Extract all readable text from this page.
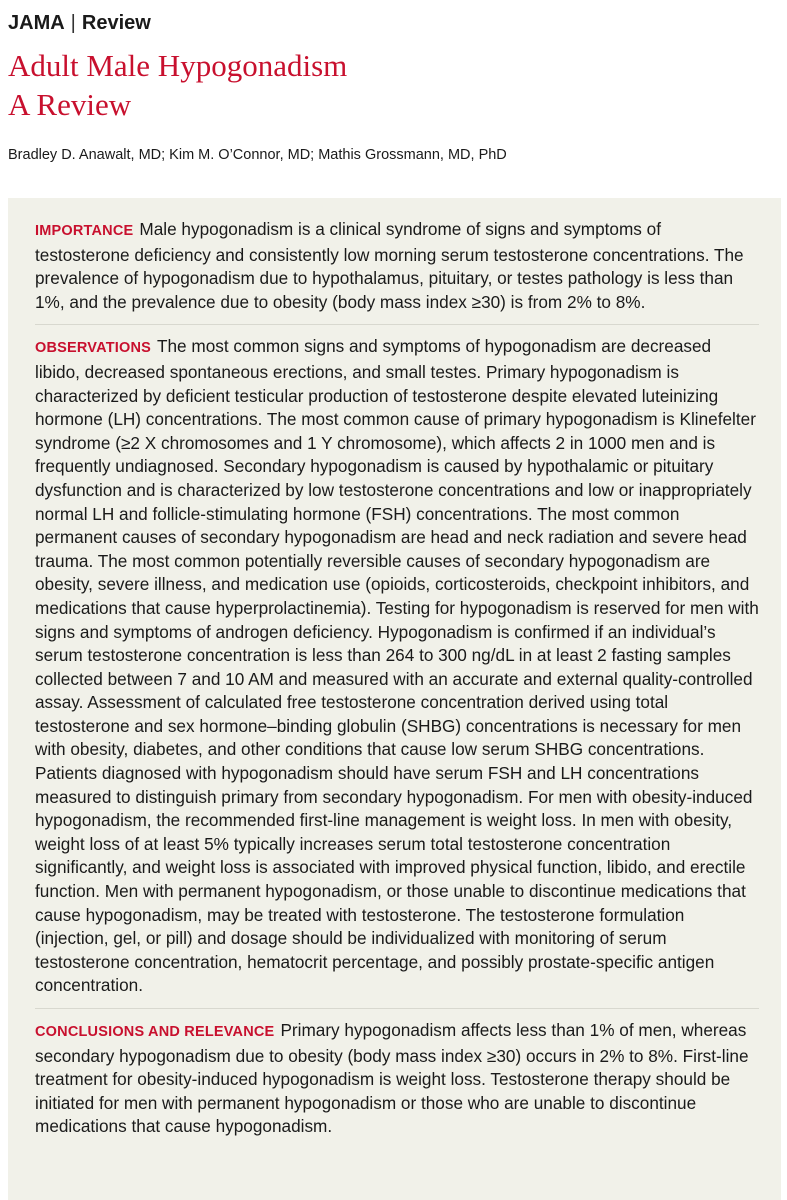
JAMA | Review
Adult Male Hypogonadism
A Review
Bradley D. Anawalt, MD; Kim M. O’Connor, MD; Mathis Grossmann, MD, PhD

IMPORTANCE Male hypogonadism is a clinical syndrome of signs and symptoms of testosterone deficiency and consistently low morning serum testosterone concentrations. The prevalence of hypogonadism due to hypothalamus, pituitary, or testes pathology is less than 1%, and the prevalence due to obesity (body mass index ≥30) is from 2% to 8%.

OBSERVATIONS The most common signs and symptoms of hypogonadism are decreased libido, decreased spontaneous erections, and small testes. Primary hypogonadism is characterized by deficient testicular production of testosterone despite elevated luteinizing hormone (LH) concentrations. The most common cause of primary hypogonadism is Klinefelter syndrome (≥2 X chromosomes and 1 Y chromosome), which affects 2 in 1000 men and is frequently undiagnosed. Secondary hypogonadism is caused by hypothalamic or pituitary dysfunction and is characterized by low testosterone concentrations and low or inappropriately normal LH and follicle-stimulating hormone (FSH) concentrations. The most common permanent causes of secondary hypogonadism are head and neck radiation and severe head trauma. The most common potentially reversible causes of secondary hypogonadism are obesity, severe illness, and medication use (opioids, corticosteroids, checkpoint inhibitors, and medications that cause hyperprolactinemia). Testing for hypogonadism is reserved for men with signs and symptoms of androgen deficiency. Hypogonadism is confirmed if an individual’s serum testosterone concentration is less than 264 to 300 ng/dL in at least 2 fasting samples collected between 7 and 10 AM and measured with an accurate and external quality-controlled assay. Assessment of calculated free testosterone concentration derived using total testosterone and sex hormone–binding globulin (SHBG) concentrations is necessary for men with obesity, diabetes, and other conditions that cause low serum SHBG concentrations. Patients diagnosed with hypogonadism should have serum FSH and LH concentrations measured to distinguish primary from secondary hypogonadism. For men with obesity-induced hypogonadism, the recommended first-line management is weight loss. In men with obesity, weight loss of at least 5% typically increases serum total testosterone concentration significantly, and weight loss is associated with improved physical function, libido, and erectile function. Men with permanent hypogonadism, or those unable to discontinue medications that cause hypogonadism, may be treated with testosterone. The testosterone formulation (injection, gel, or pill) and dosage should be individualized with monitoring of serum testosterone concentration, hematocrit percentage, and possibly prostate-specific antigen concentration.

CONCLUSIONS AND RELEVANCE Primary hypogonadism affects less than 1% of men, whereas secondary hypogonadism due to obesity (body mass index ≥30) occurs in 2% to 8%. First-line treatment for obesity-induced hypogonadism is weight loss. Testosterone therapy should be initiated for men with permanent hypogonadism or those who are unable to discontinue medications that cause hypogonadism.
